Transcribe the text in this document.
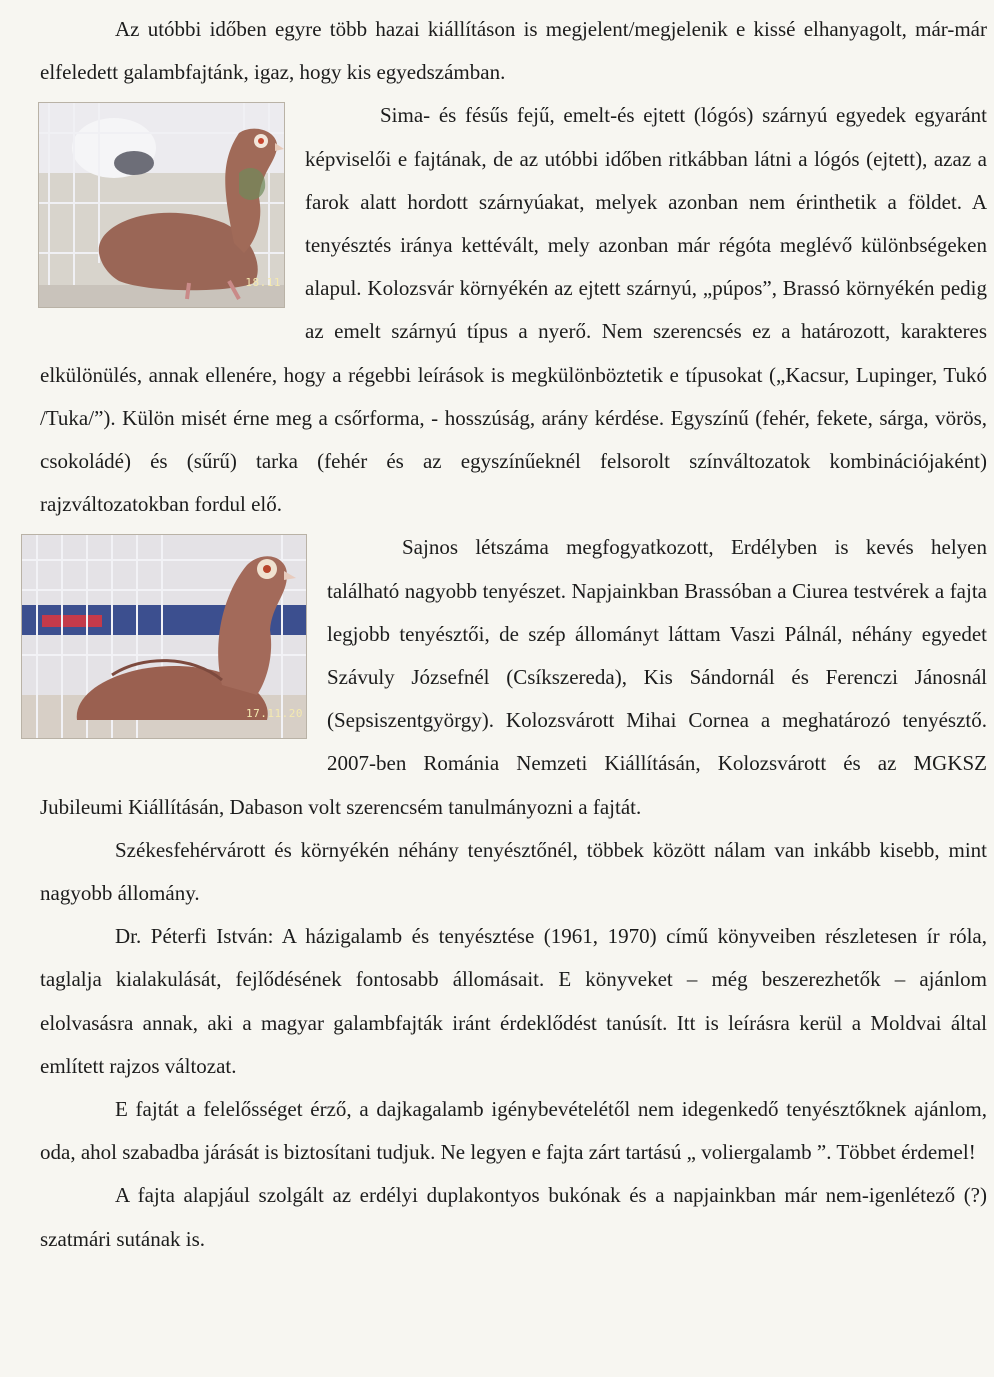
Az utóbbi időben egyre több hazai kiállításon is megjelent/megjelenik e kissé elhanyagolt, már-már elfeledett galambfajtánk, igaz, hogy kis egyedszámban.

18.11

Sima- és fésűs fejű, emelt-és ejtett (lógós) szárnyú egyedek egyaránt képviselői e fajtának, de az utóbbi időben ritkábban látni a lógós (ejtett), azaz a farok alatt hordott szárnyúakat, melyek azonban nem érinthetik a földet. A tenyésztés iránya kettévált, mely azonban már régóta meglévő különbségeken alapul. Kolozsvár környékén az ejtett szárnyú, „púpos”, Brassó környékén pedig az emelt szárnyú típus a nyerő. Nem szerencsés ez a határozott, karakteres elkülönülés, annak ellenére, hogy a régebbi leírások is megkülönböztetik e típusokat („Kacsur, Lupinger, Tukó /Tuka/”). Külön misét érne meg a csőrforma, - hosszúság, arány kérdése. Egyszínű (fehér, fekete, sárga, vörös, csokoládé) és (sűrű) tarka (fehér és az egyszínűeknél felsorolt színváltozatok kombinációjaként) rajzváltozatokban fordul elő.

17.11.20

Sajnos létszáma megfogyatkozott, Erdélyben is kevés helyen található nagyobb tenyészet. Napjainkban Brassóban a Ciurea testvérek a fajta legjobb tenyésztői, de szép állományt láttam Vaszi Pálnál, néhány egyedet Szávuly Józsefnél (Csíkszereda), Kis Sándornál és Ferenczi Jánosnál (Sepsiszentgyörgy). Kolozsvárott Mihai Cornea a meghatározó tenyésztő. 2007-ben Románia Nemzeti Kiállításán, Kolozsvárott és az MGKSZ Jubileumi Kiállításán, Dabason volt szerencsém tanulmányozni a fajtát.

Székesfehérvárott és környékén néhány tenyésztőnél, többek között nálam van inkább kisebb, mint nagyobb állomány.

Dr. Péterfi István: A házigalamb és tenyésztése (1961, 1970) című könyveiben részletesen ír róla, taglalja kialakulását, fejlődésének fontosabb állomásait. E könyveket – még beszerezhetők – ajánlom elolvasásra annak, aki a magyar galambfajták iránt érdeklődést tanúsít. Itt is leírásra kerül a Moldvai által említett rajzos változat.

E fajtát a felelősséget érző, a dajkagalamb igénybevételétől nem idegenkedő tenyésztőknek ajánlom, oda, ahol szabadba járását is biztosítani tudjuk. Ne legyen e fajta zárt tartású „ voliergalamb ”. Többet érdemel!

A fajta alapjául szolgált az erdélyi duplakontyos bukónak és a napjainkban már nem-igenlétező (?) szatmári sutának is.
